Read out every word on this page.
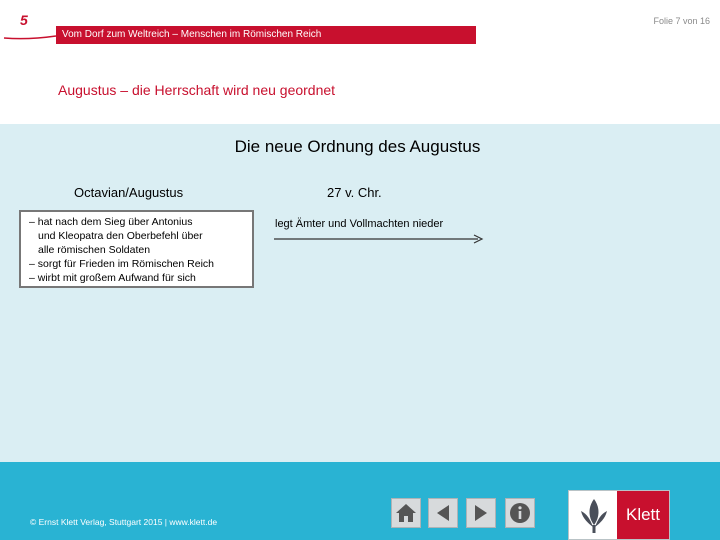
5	Folie 7 von 16
Vom Dorf zum Weltreich – Menschen im Römischen Reich
Augustus – die Herrschaft wird neu geordnet
Die neue Ordnung des Augustus
Octavian/Augustus	27 v. Chr.
– hat nach dem Sieg über Antonius
und Kleopatra den Oberbefehl über
alle römischen Soldaten
– sorgt für Frieden im Römischen Reich
– wirbt mit großem Aufwand für sich
legt Ämter und Vollmachten nieder
© Ernst Klett Verlag, Stuttgart 2015 | www.klett.de	Klett
